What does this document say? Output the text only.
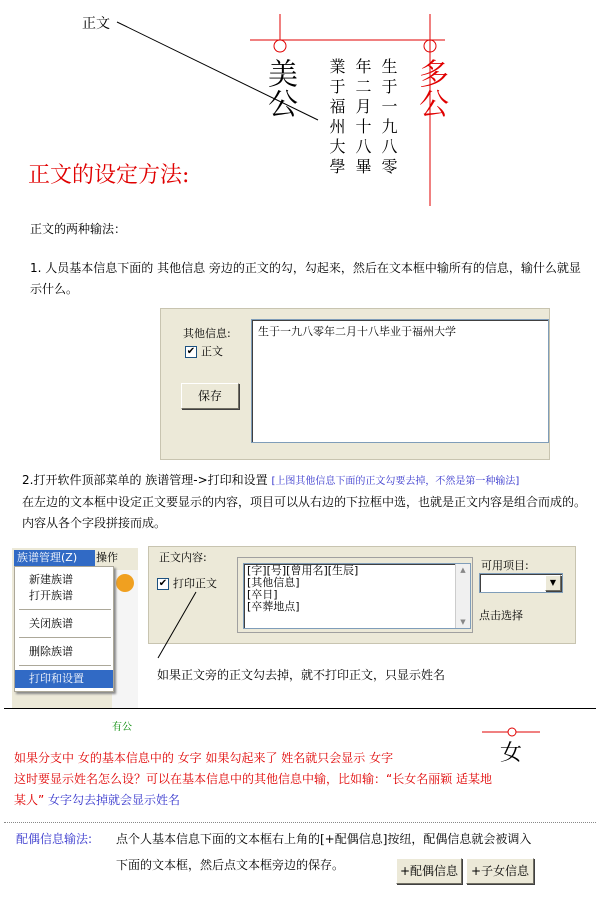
正文
美公	多公
生于一九八零
年二月十八畢
業于福州大學
正文的设定方法:
正文的两种输法：
1. 人员基本信息下面的 其他信息 旁边的正文的勾，勾起来，然后在文本框中输所有的信息，输什么就显示什么。
其他信息:
✔ 正文
保存
生于一九八零年二月十八毕业于福州大学
2.打开软件顶部菜单的 族谱管理->打印和设置 [上图其他信息下面的正文勾要去掉，不然是第一种输法]
在左边的文本框中设定正文要显示的内容，项目可以从右边的下拉框中选，也就是正文内容是组合而成的。内容从各个字段拼接而成。
族谱管理(Z)	操作
有公
新建族谱
打开族谱
关闭族谱
删除族谱
打印和设置
正文内容:
✔ 打印正文
[字][号][曾用名][生辰]
[其他信息]
[卒日]
[卒葬地点]
▲
▼
可用项目:
▼
点击选择
如果正文旁的正文勾去掉，就不打印正文，只显示姓名
如果分支中 女的基本信息中的 女字 如果勾起来了 姓名就只会显示 女字
这时要显示姓名怎么设？可以在基本信息中的其他信息中输，比如输：“长女名丽颖 适某地
某人” 女字勾去掉就会显示姓名
女
配偶信息输法: 点个人基本信息下面的文本框右上角的[+配偶信息]按纽，配偶信息就会被调入
下面的文本框，然后点文本框旁边的保存。	+配偶信息	+子女信息
